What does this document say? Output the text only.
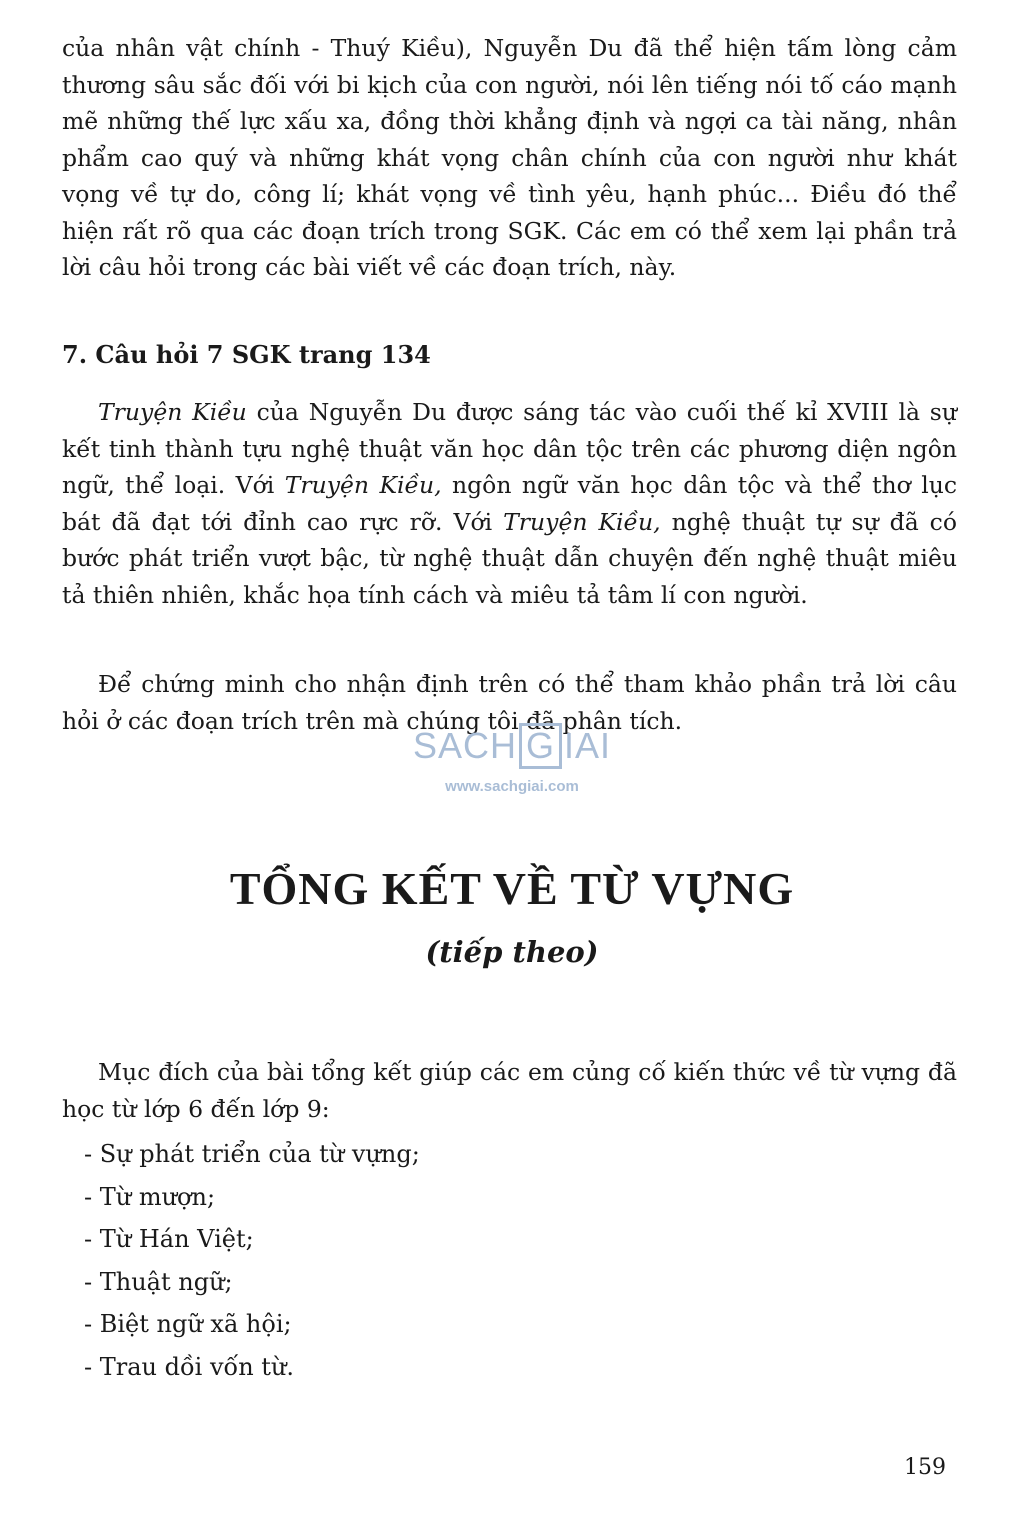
của nhân vật chính - Thuý Kiều), Nguyễn Du đã thể hiện tấm lòng cảm thương sâu sắc đối với bi kịch của con người, nói lên tiếng nói tố cáo mạnh mẽ những thế lực xấu xa, đồng thời khẳng định và ngợi ca tài năng, nhân phẩm cao quý và những khát vọng chân chính của con người như khát vọng về tự do, công lí; khát vọng về tình yêu, hạnh phúc... Điều đó thể hiện rất rõ qua các đoạn trích trong SGK. Các em có thể xem lại phần trả lời câu hỏi trong các bài viết về các đoạn trích, này.

7. Câu hỏi 7 SGK trang 134

Truyện Kiều của Nguyễn Du được sáng tác vào cuối thế kỉ XVIII là sự kết tinh thành tựu nghệ thuật văn học dân tộc trên các phương diện ngôn ngữ, thể loại. Với Truyện Kiều, ngôn ngữ văn học dân tộc và thể thơ lục bát đã đạt tới đỉnh cao rực rỡ. Với Truyện Kiều, nghệ thuật tự sự đã có bước phát triển vượt bậc, từ nghệ thuật dẫn chuyện đến nghệ thuật miêu tả thiên nhiên, khắc họa tính cách và miêu tả tâm lí con người.

Để chứng minh cho nhận định trên có thể tham khảo phần trả lời câu hỏi ở các đoạn trích trên mà chúng tôi đã phân tích.

SACH G IAI
www.sachgiai.com
TỔNG KẾT VỀ TỪ VỰNG
(tiếp theo)

Mục đích của bài tổng kết giúp các em củng cố kiến thức về từ vựng đã học từ lớp 6 đến lớp 9:

- Sự phát triển của từ vựng;
- Từ mượn;
- Từ Hán Việt;
- Thuật ngữ;
- Biệt ngữ xã hội;
- Trau dồi vốn từ.
159
